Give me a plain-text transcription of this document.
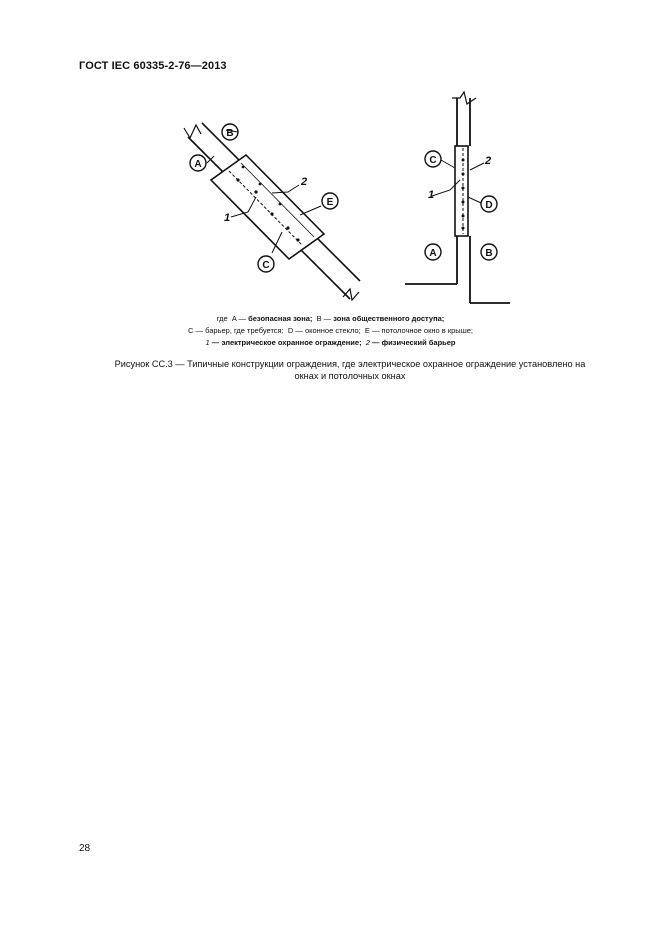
ГОСТ IEC 60335-2-76—2013
A
B
E
C
1
2
C
D
A	B
1
2
где A — безопасная зона; B — зона общественного доступа;
C — барьер, где требуется; D — оконное стекло; E — потолочное окно в крыше;
1 — электрическое охранное ограждение; 2 — физический барьер
Рисунок CC.3 — Типичные конструкции ограждения, где электрическое охранное ограждение установлено на
окнах и потолочных окнах
28
